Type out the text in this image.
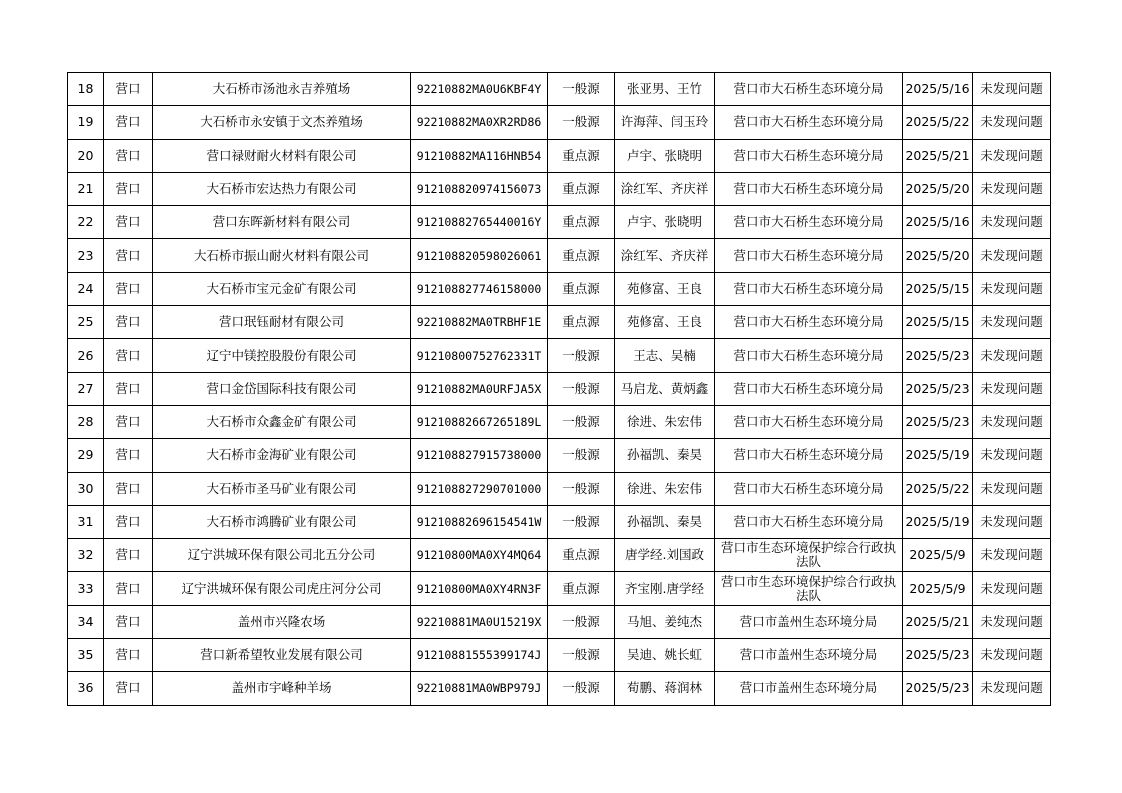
18	营口	大石桥市汤池永吉养殖场	92210882MA0U6KBF4Y	一般源	张亚男、王竹	营口市大石桥生态环境分局	2025/5/16	未发现问题
19	营口	大石桥市永安镇于文杰养殖场	92210882MA0XR2RD86	一般源	许海萍、闫玉玲	营口市大石桥生态环境分局	2025/5/22	未发现问题
20	营口	营口禄财耐火材料有限公司	91210882MA116HNB54	重点源	卢宇、张晓明	营口市大石桥生态环境分局	2025/5/21	未发现问题
21	营口	大石桥市宏达热力有限公司	912108820974156073	重点源	涂红军、齐庆祥	营口市大石桥生态环境分局	2025/5/20	未发现问题
22	营口	营口东晖新材料有限公司	91210882765440016Y	重点源	卢宇、张晓明	营口市大石桥生态环境分局	2025/5/16	未发现问题
23	营口	大石桥市振山耐火材料有限公司	912108820598026061	重点源	涂红军、齐庆祥	营口市大石桥生态环境分局	2025/5/20	未发现问题
24	营口	大石桥市宝元金矿有限公司	912108827746158000	重点源	苑修富、王良	营口市大石桥生态环境分局	2025/5/15	未发现问题
25	营口	营口珉钰耐材有限公司	92210882MA0TRBHF1E	重点源	苑修富、王良	营口市大石桥生态环境分局	2025/5/15	未发现问题
26	营口	辽宁中镁控股股份有限公司	91210800752762331T	一般源	王志、吴楠	营口市大石桥生态环境分局	2025/5/23	未发现问题
27	营口	营口金岱国际科技有限公司	91210882MA0URFJA5X	一般源	马启龙、黄炳鑫	营口市大石桥生态环境分局	2025/5/23	未发现问题
28	营口	大石桥市众鑫金矿有限公司	91210882667265189L	一般源	徐进、朱宏伟	营口市大石桥生态环境分局	2025/5/23	未发现问题
29	营口	大石桥市金海矿业有限公司	912108827915738000	一般源	孙福凯、秦昊	营口市大石桥生态环境分局	2025/5/19	未发现问题
30	营口	大石桥市圣马矿业有限公司	912108827290701000	一般源	徐进、朱宏伟	营口市大石桥生态环境分局	2025/5/22	未发现问题
31	营口	大石桥市鸿腾矿业有限公司	91210882696154541W	一般源	孙福凯、秦昊	营口市大石桥生态环境分局	2025/5/19	未发现问题
32	营口	辽宁洪城环保有限公司北五分公司	91210800MA0XY4MQ64	重点源	唐学经.刘国政	营口市生态环境保护综合行政执法队	2025/5/9	未发现问题
33	营口	辽宁洪城环保有限公司虎庄河分公司	91210800MA0XY4RN3F	重点源	齐宝刚.唐学经	营口市生态环境保护综合行政执法队	2025/5/9	未发现问题
34	营口	盖州市兴隆农场	92210881MA0U15219X	一般源	马旭、姜纯杰	营口市盖州生态环境分局	2025/5/21	未发现问题
35	营口	营口新希望牧业发展有限公司	91210881555399174J	一般源	吴迪、姚长虹	营口市盖州生态环境分局	2025/5/23	未发现问题
36	营口	盖州市宇峰种羊场	92210881MA0WBP979J	一般源	荀鹏、蒋润林	营口市盖州生态环境分局	2025/5/23	未发现问题
